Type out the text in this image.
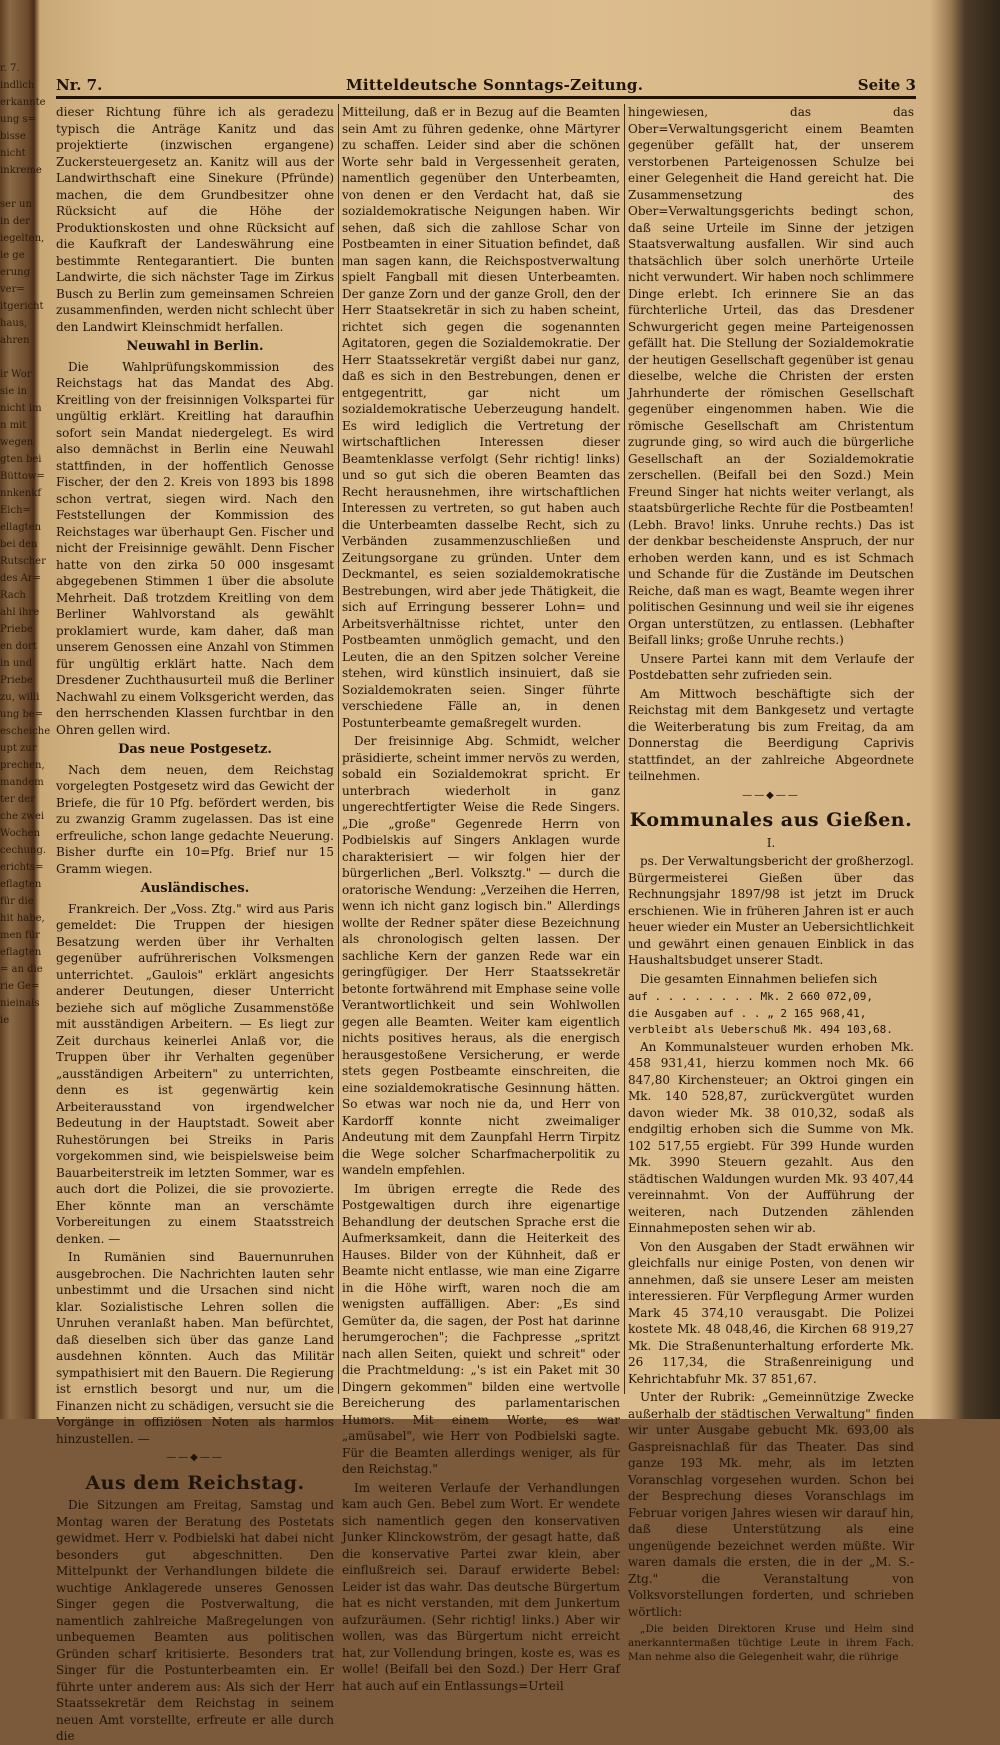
r. 7.
indlich
erkannte
ung s=
bisse
nicht
inkreme

ser un
in der
iegelten,
ie ge
erung
ver=
itgericht
haus,
ahren

ir Wor
sie in
nicht im
n mit
wegen
gten bei
Büttow=
nnkenkf
Eich=
ellagten
bei den
Rutscher
des Ar=
Rach
ahl ihre
Priebe
en dort
in und
Priebe
zu, willi
ung be=
escheiche
upt zur
prechen,
mandem
ter der
che zwei
Wochen
cechung.
erichts=
eflagten
für die
hit habe,
men für
eflagten
= an die
rie Ge=
nieinals
ie
Nr. 7.	Mitteldeutsche Sonntags-Zeitung.	Seite 3

dieser Richtung führe ich als geradezu typisch die Anträge Kanitz und das projektierte (inzwischen ergangene) Zuckersteuergesetz an. Kanitz will aus der Landwirthschaft eine Sinekure (Pfründe) machen, die dem Grundbesitzer ohne Rücksicht auf die Höhe der Produktionskosten und ohne Rücksicht auf die Kaufkraft der Landeswährung eine bestimmte Rentegarantiert. Die bunten Landwirte, die sich nächster Tage im Zirkus Busch zu Berlin zum gemeinsamen Schreien zusammenfinden, werden nicht schlecht über den Landwirt Kleinschmidt herfallen.

Neuwahl in Berlin.

Die Wahlprüfungskommission des Reichstags hat das Mandat des Abg. Kreitling von der freisinnigen Volkspartei für ungültig erklärt. Kreitling hat daraufhin sofort sein Mandat niedergelegt. Es wird also demnächst in Berlin eine Neuwahl stattfinden, in der hoffentlich Genosse Fischer, der den 2. Kreis von 1893 bis 1898 schon vertrat, siegen wird. Nach den Feststellungen der Kommission des Reichstages war überhaupt Gen. Fischer und nicht der Freisinnige gewählt. Denn Fischer hatte von den zirka 50 000 insgesamt abgegebenen Stimmen 1 über die absolute Mehrheit. Daß trotzdem Kreitling von dem Berliner Wahlvorstand als gewählt proklamiert wurde, kam daher, daß man unserem Genossen eine Anzahl von Stimmen für ungültig erklärt hatte. Nach dem Dresdener Zuchthausurteil muß die Berliner Nachwahl zu einem Volksgericht werden, das den herrschenden Klassen furchtbar in den Ohren gellen wird.

Das neue Postgesetz.

Nach dem neuen, dem Reichstag vorgelegten Postgesetz wird das Gewicht der Briefe, die für 10 Pfg. befördert werden, bis zu zwanzig Gramm zugelassen. Das ist eine erfreuliche, schon lange gedachte Neuerung. Bisher durfte ein 10=Pfg. Brief nur 15 Gramm wiegen.

Ausländisches.

Frankreich. Der „Voss. Ztg." wird aus Paris gemeldet: Die Truppen der hiesigen Besatzung werden über ihr Verhalten gegenüber aufrührerischen Volksmengen unterrichtet. „Gaulois" erklärt angesichts anderer Deutungen, dieser Unterricht beziehe sich auf mögliche Zusammenstöße mit ausständigen Arbeitern. — Es liegt zur Zeit durchaus keinerlei Anlaß vor, die Truppen über ihr Verhalten gegenüber „ausständigen Arbeitern" zu unterrichten, denn es ist gegenwärtig kein Arbeiterausstand von irgendwelcher Bedeutung in der Hauptstadt. Soweit aber Ruhestörungen bei Streiks in Paris vorgekommen sind, wie beispielsweise beim Bauarbeiterstreik im letzten Sommer, war es auch dort die Polizei, die sie provozierte. Eher könnte man an verschämte Vorbereitungen zu einem Staatsstreich denken. —

In Rumänien sind Bauernunruhen ausgebrochen. Die Nachrichten lauten sehr unbestimmt und die Ursachen sind nicht klar. Sozialistische Lehren sollen die Unruhen veranlaßt haben. Man befürchtet, daß dieselben sich über das ganze Land ausdehnen könnten. Auch das Militär sympathisiert mit den Bauern. Die Regierung ist ernstlich besorgt und nur, um die Finanzen nicht zu schädigen, versucht sie die Vorgänge in offiziösen Noten als harmlos hinzustellen. —

——◆——
Aus dem Reichstag.

Die Sitzungen am Freitag, Samstag und Montag waren der Beratung des Postetats gewidmet. Herr v. Podbielski hat dabei nicht besonders gut abgeschnitten. Den Mittelpunkt der Verhandlungen bildete die wuchtige Anklagerede unseres Genossen Singer gegen die Postverwaltung, die namentlich zahlreiche Maßregelungen von unbequemen Beamten aus politischen Gründen scharf kritisierte. Besonders trat Singer für die Postunterbeamten ein. Er führte unter anderem aus: Als sich der Herr Staatssekretär dem Reichstag in seinem neuen Amt vorstellte, erfreute er alle durch die

Mitteilung, daß er in Bezug auf die Beamten sein Amt zu führen gedenke, ohne Märtyrer zu schaffen. Leider sind aber die schönen Worte sehr bald in Vergessenheit geraten, namentlich gegenüber den Unterbeamten, von denen er den Verdacht hat, daß sie sozialdemokratische Neigungen haben. Wir sehen, daß sich die zahllose Schar von Postbeamten in einer Situation befindet, daß man sagen kann, die Reichspostverwaltung spielt Fangball mit diesen Unterbeamten. Der ganze Zorn und der ganze Groll, den der Herr Staatsekretär in sich zu haben scheint, richtet sich gegen die sogenannten Agitatoren, gegen die Sozialdemokratie. Der Herr Staatssekretär vergißt dabei nur ganz, daß es sich in den Bestrebungen, denen er entgegentritt, gar nicht um sozialdemokratische Ueberzeugung handelt. Es wird lediglich die Vertretung der wirtschaftlichen Interessen dieser Beamtenklasse verfolgt (Sehr richtig! links) und so gut sich die oberen Beamten das Recht herausnehmen, ihre wirtschaftlichen Interessen zu vertreten, so gut haben auch die Unterbeamten dasselbe Recht, sich zu Verbänden zusammenzuschließen und Zeitungsorgane zu gründen. Unter dem Deckmantel, es seien sozialdemokratische Bestrebungen, wird aber jede Thätigkeit, die sich auf Erringung besserer Lohn= und Arbeitsverhältnisse richtet, unter den Postbeamten unmöglich gemacht, und den Leuten, die an den Spitzen solcher Vereine stehen, wird künstlich insinuiert, daß sie Sozialdemokraten seien. Singer führte verschiedene Fälle an, in denen Postunterbeamte gemaßregelt wurden.

Der freisinnige Abg. Schmidt, welcher präsidierte, scheint immer nervös zu werden, sobald ein Sozialdemokrat spricht. Er unterbrach wiederholt in ganz ungerechtfertigter Weise die Rede Singers. „Die „große" Gegenrede Herrn von Podbielskis auf Singers Anklagen wurde charakterisiert — wir folgen hier der bürgerlichen „Berl. Volksztg." — durch die oratorische Wendung: „Verzeihen die Herren, wenn ich nicht ganz logisch bin." Allerdings wollte der Redner später diese Bezeichnung als chronologisch gelten lassen. Der sachliche Kern der ganzen Rede war ein geringfügiger. Der Herr Staatssekretär betonte fortwährend mit Emphase seine volle Verantwortlichkeit und sein Wohlwollen gegen alle Beamten. Weiter kam eigentlich nichts positives heraus, als die energisch herausgestoßene Versicherung, er werde stets gegen Postbeamte einschreiten, die eine sozialdemokratische Gesinnung hätten. So etwas war noch nie da, und Herr von Kardorff konnte nicht zweimaliger Andeutung mit dem Zaunpfahl Herrn Tirpitz die Wege solcher Scharfmacherpolitik zu wandeln empfehlen.

Im übrigen erregte die Rede des Postgewaltigen durch ihre eigenartige Behandlung der deutschen Sprache erst die Aufmerksamkeit, dann die Heiterkeit des Hauses. Bilder von der Kühnheit, daß er Beamte nicht entlasse, wie man eine Zigarre in die Höhe wirft, waren noch die am wenigsten auffälligen. Aber: „Es sind Gemüter da, die sagen, der Post hat darinne herumgerochen"; die Fachpresse „spritzt nach allen Seiten, quiekt und schreit" oder die Prachtmeldung: „'s ist ein Paket mit 30 Dingern gekommen" bilden eine wertvolle Bereicherung des parlamentarischen Humors. Mit einem Worte, es war „amüsabel", wie Herr von Podbielski sagte. Für die Beamten allerdings weniger, als für den Reichstag."

Im weiteren Verlaufe der Verhandlungen kam auch Gen. Bebel zum Wort. Er wendete sich namentlich gegen den konservativen Junker Klinckowström, der gesagt hatte, daß die konservative Partei zwar klein, aber einflußreich sei. Darauf erwiderte Bebel: Leider ist das wahr. Das deutsche Bürgertum hat es nicht verstanden, mit dem Junkertum aufzuräumen. (Sehr richtig! links.) Aber wir wollen, was das Bürgertum nicht erreicht hat, zur Vollendung bringen, koste es, was es wolle! (Beifall bei den Sozd.) Der Herr Graf hat auch auf ein Entlassungs=Urteil

hingewiesen, das das Ober=Verwaltungsgericht einem Beamten gegenüber gefällt hat, der unserem verstorbenen Parteigenossen Schulze bei einer Gelegenheit die Hand gereicht hat. Die Zusammensetzung des Ober=Verwaltungsgerichts bedingt schon, daß seine Urteile im Sinne der jetzigen Staatsverwaltung ausfallen. Wir sind auch thatsächlich über solch unerhörte Urteile nicht verwundert. Wir haben noch schlimmere Dinge erlebt. Ich erinnere Sie an das fürchterliche Urteil, das das Dresdener Schwurgericht gegen meine Parteigenossen gefällt hat. Die Stellung der Sozialdemokratie der heutigen Gesellschaft gegenüber ist genau dieselbe, welche die Christen der ersten Jahrhunderte der römischen Gesellschaft gegenüber eingenommen haben. Wie die römische Gesellschaft am Christentum zugrunde ging, so wird auch die bürgerliche Gesellschaft an der Sozialdemokratie zerschellen. (Beifall bei den Sozd.) Mein Freund Singer hat nichts weiter verlangt, als staatsbürgerliche Rechte für die Postbeamten! (Lebh. Bravo! links. Unruhe rechts.) Das ist der denkbar bescheidenste Anspruch, der nur erhoben werden kann, und es ist Schmach und Schande für die Zustände im Deutschen Reiche, daß man es wagt, Beamte wegen ihrer politischen Gesinnung und weil sie ihr eigenes Organ unterstützen, zu entlassen. (Lebhafter Beifall links; große Unruhe rechts.)

Unsere Partei kann mit dem Verlaufe der Postdebatten sehr zufrieden sein.

Am Mittwoch beschäftigte sich der Reichstag mit dem Bankgesetz und vertagte die Weiterberatung bis zum Freitag, da am Donnerstag die Beerdigung Caprivis stattfindet, an der zahlreiche Abgeordnete teilnehmen.

——◆——
Kommunales aus Gießen.
I.

ps. Der Verwaltungsbericht der großherzogl. Bürgermeisterei Gießen über das Rechnungsjahr 1897/98 ist jetzt im Druck erschienen. Wie in früheren Jahren ist er auch heuer wieder ein Muster an Uebersichtlichkeit und gewährt einen genauen Einblick in das Haushaltsbudget unserer Stadt.

Die gesamten Einnahmen beliefen sich

auf . . . . . . . . Mk. 2 660 072,09,
die Ausgaben auf . . „ 2 165 968,41,
verbleibt als Ueberschuß Mk. 494 103,68.

An Kommunalsteuer wurden erhoben Mk. 458 931,41, hierzu kommen noch Mk. 66 847,80 Kirchensteuer; an Oktroi gingen ein Mk. 140 528,87, zurückvergütet wurden davon wieder Mk. 38 010,32, sodaß als endgiltig erhoben sich die Summe von Mk. 102 517,55 ergiebt. Für 399 Hunde wurden Mk. 3990 Steuern gezahlt. Aus den städtischen Waldungen wurden Mk. 93 407,44 vereinnahmt. Von der Aufführung der weiteren, nach Dutzenden zählenden Einnahmeposten sehen wir ab.

Von den Ausgaben der Stadt erwähnen wir gleichfalls nur einige Posten, von denen wir annehmen, daß sie unsere Leser am meisten interessieren. Für Verpflegung Armer wurden Mark 45 374,10 verausgabt. Die Polizei kostete Mk. 48 048,46, die Kirchen 68 919,27 Mk. Die Straßenunterhaltung erforderte Mk. 26 117,34, die Straßenreinigung und Kehrichtabfuhr Mk. 37 851,67.

Unter der Rubrik: „Gemeinnützige Zwecke außerhalb der städtischen Verwaltung" finden wir unter Ausgabe gebucht Mk. 693,00 als Gaspreisnachlaß für das Theater. Das sind ganze 193 Mk. mehr, als im letzten Voranschlag vorgesehen wurden. Schon bei der Besprechung dieses Voranschlags im Februar vorigen Jahres wiesen wir darauf hin, daß diese Unterstützung als eine ungenügende bezeichnet werden müßte. Wir waren damals die ersten, die in der „M. S.-Ztg." die Veranstaltung von Volksvorstellungen forderten, und schrieben wörtlich:

„Die beiden Direktoren Kruse und Helm sind anerkanntermaßen tüchtige Leute in ihrem Fach. Man nehme also die Gelegenheit wahr, die rührige
